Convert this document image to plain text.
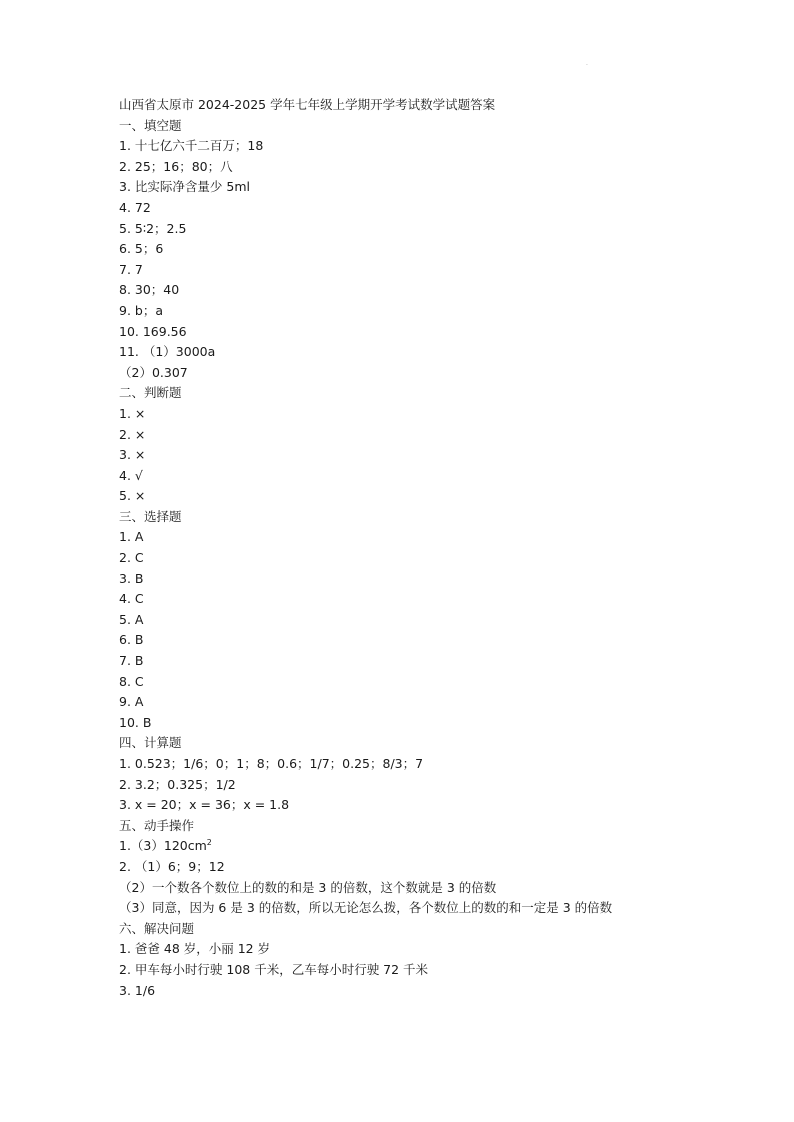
·
山西省太原市 2024-2025 学年七年级上学期开学考试数学试题答案
一、填空题
1. 十七亿六千二百万；18
2. 25；16；80；八
3. 比实际净含量少 5ml
4. 72
5. 5∶2；2.5
6. 5；6
7. 7
8. 30；40
9. b；a
10. 169.56
11. （1）3000a
（2）0.307
二、判断题
1. ×
2. ×
3. ×
4. √
5. ×
三、选择题
1. A
2. C
3. B
4. C
5. A
6. B
7. B
8. C
9. A
10. B
四、计算题
1. 0.523；1/6；0；1；8；0.6；1/7；0.25；8/3；7
2. 3.2；0.325；1/2
3. x = 20；x = 36；x = 1.8
五、动手操作
$1.(3)120cm^2$
2. （1）6；9；12
（2）一个数各个数位上的数的和是 3 的倍数，这个数就是 3 的倍数
（3）同意，因为 6 是 3 的倍数，所以无论怎么拨，各个数位上的数的和一定是 3 的倍数
六、解决问题
1. 爸爸 48 岁，小丽 12 岁
2. 甲车每小时行驶 108 千米，乙车每小时行驶 72 千米
3. 1/6
